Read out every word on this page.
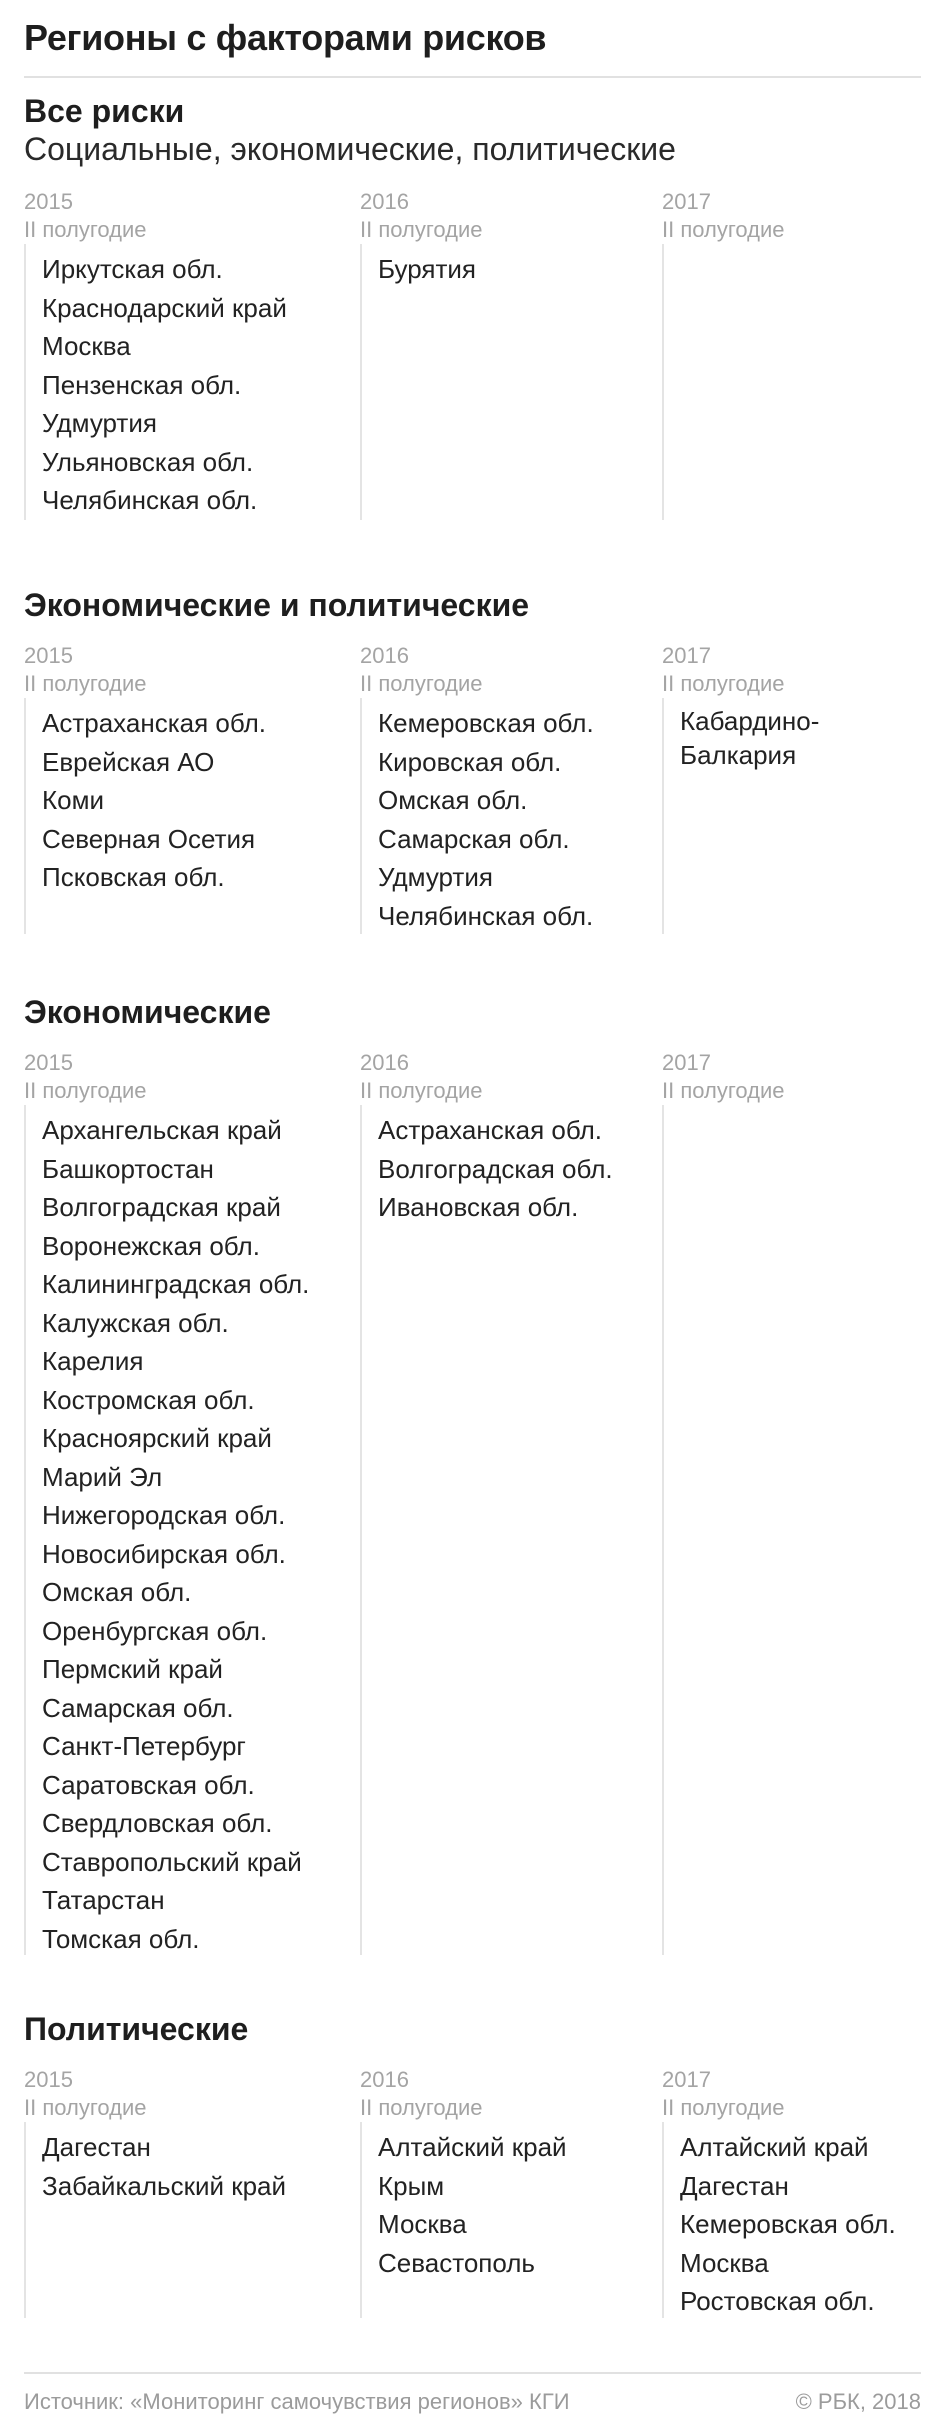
Регионы с факторами рисков
Все риски
Социальные, экономические, политические
2015
II полугодие
Иркутская обл.
Краснодарский край
Москва
Пензенская обл.
Удмуртия
Ульяновская обл.
Челябинская обл.
2016
II полугодие
Бурятия
2017
II полугодие
Экономические и политические
2015
II полугодие
Астраханская обл.
Еврейская АО
Коми
Северная Осетия
Псковская обл.
2016
II полугодие
Кемеровская обл.
Кировская обл.
Омская обл.
Самарская обл.
Удмуртия
Челябинская обл.
2017
II полугодие
Кабардино-Балкария
Экономические
2015
II полугодие
Архангельская край
Башкортостан
Волгоградская край
Воронежская обл.
Калининградская обл.
Калужская обл.
Карелия
Костромская обл.
Красноярский край
Марий Эл
Нижегородская обл.
Новосибирская обл.
Омская обл.
Оренбургская обл.
Пермский край
Самарская обл.
Санкт-Петербург
Саратовская обл.
Свердловская обл.
Ставропольский край
Татарстан
Томская обл.
2016
II полугодие
Астраханская обл.
Волгоградская обл.
Ивановская обл.
2017
II полугодие
Политические
2015
II полугодие
Дагестан
Забайкальский край
2016
II полугодие
Алтайский край
Крым
Москва
Севастополь
2017
II полугодие
Алтайский край
Дагестан
Кемеровская обл.
Москва
Ростовская обл.
Источник: «Мониторинг самочувствия регионов» КГИ	© РБК, 2018
